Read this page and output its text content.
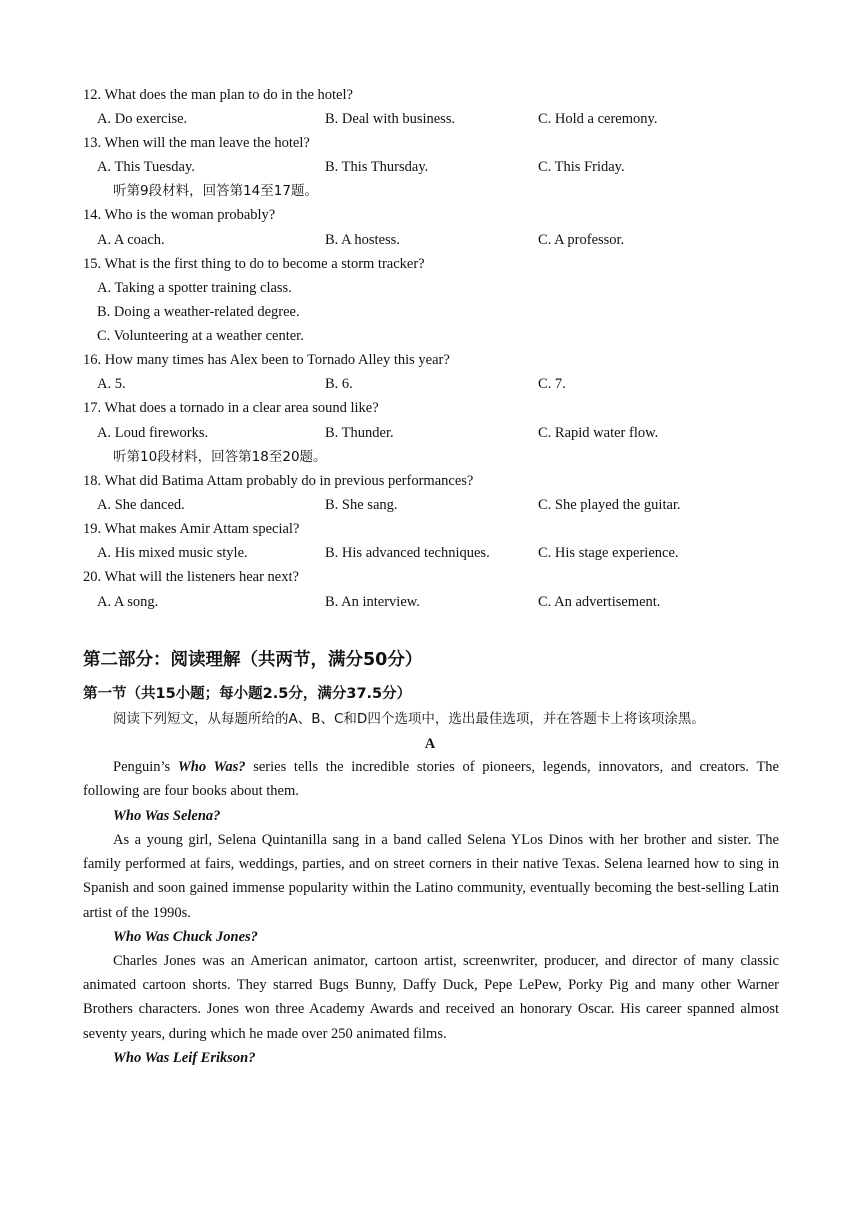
12. What does the man plan to do in the hotel?
A. Do exercise.	B. Deal with business.	C. Hold a ceremony.
13. When will the man leave the hotel?
A. This Tuesday.	B. This Thursday.	C. This Friday.
听第9段材料，回答第14至17题。
14. Who is the woman probably?
A. A coach.	B. A hostess.	C. A professor.
15. What is the first thing to do to become a storm tracker?
A. Taking a spotter training class.
B. Doing a weather-related degree.
C. Volunteering at a weather center.
16. How many times has Alex been to Tornado Alley this year?
A. 5.	B. 6.	C. 7.
17. What does a tornado in a clear area sound like?
A. Loud fireworks.	B. Thunder.	C. Rapid water flow.
听第10段材料，回答第18至20题。
18. What did Batima Attam probably do in previous performances?
A. She danced.	B. She sang.	C. She played the guitar.
19. What makes Amir Attam special?
A. His mixed music style.	B. His advanced techniques.	C. His stage experience.
20. What will the listeners hear next?
A. A song.	B. An interview.	C. An advertisement.
第二部分：阅读理解（共两节，满分50分）
第一节（共15小题；每小题2.5分，满分37.5分）
阅读下列短文，从每题所给的A、B、C和D四个选项中，选出最佳选项，并在答题卡上将该项涂黑。
A
Penguin’s Who Was? series tells the incredible stories of pioneers, legends, innovators, and creators. The following are four books about them.
Who Was Selena?
As a young girl, Selena Quintanilla sang in a band called Selena YLos Dinos with her brother and sister. The family performed at fairs, weddings, parties, and on street corners in their native Texas. Selena learned how to sing in Spanish and soon gained immense popularity within the Latino community, eventually becoming the best-selling Latin artist of the 1990s.
Who Was Chuck Jones?
Charles Jones was an American animator, cartoon artist, screenwriter, producer, and director of many classic animated cartoon shorts. They starred Bugs Bunny, Daffy Duck, Pepe LePew, Porky Pig and many other Warner Brothers characters. Jones won three Academy Awards and received an honorary Oscar. His career spanned almost seventy years, during which he made over 250 animated films.
Who Was Leif Erikson?
